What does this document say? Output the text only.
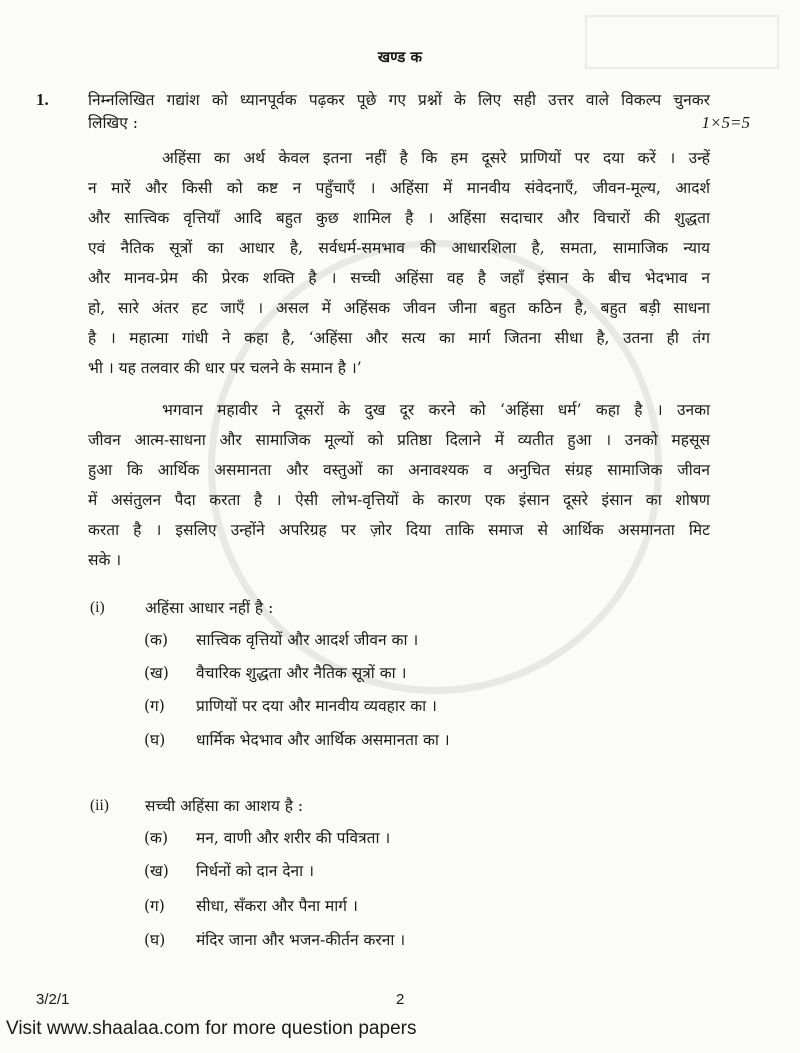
खण्ड क
1.	निम्नलिखित गद्यांश को ध्यानपूर्वक पढ़कर पूछे गए प्रश्नों के लिए सही उत्तर वाले विकल्प चुनकर
लिखिए :	1×5=5
अहिंसा का अर्थ केवल इतना नहीं है कि हम दूसरे प्राणियों पर दया करें । उन्हें
न मारें और किसी को कष्ट न पहुँचाएँ । अहिंसा में मानवीय संवेदनाएँ, जीवन-मूल्य, आदर्श
और सात्त्विक वृत्तियाँ आदि बहुत कुछ शामिल है । अहिंसा सदाचार और विचारों की शुद्धता
एवं नैतिक सूत्रों का आधार है, सर्वधर्म-समभाव की आधारशिला है, समता, सामाजिक न्याय
और मानव-प्रेम की प्रेरक शक्ति है । सच्ची अहिंसा वह है जहाँ इंसान के बीच भेदभाव न
हो, सारे अंतर हट जाएँ । असल में अहिंसक जीवन जीना बहुत कठिन है, बहुत बड़ी साधना
है । महात्मा गांधी ने कहा है, ‘अहिंसा और सत्य का मार्ग जितना सीधा है, उतना ही तंग
भी । यह तलवार की धार पर चलने के समान है ।’
भगवान महावीर ने दूसरों के दुख दूर करने को ‘अहिंसा धर्म’ कहा है । उनका
जीवन आत्म-साधना और सामाजिक मूल्यों को प्रतिष्ठा दिलाने में व्यतीत हुआ । उनको महसूस
हुआ कि आर्थिक असमानता और वस्तुओं का अनावश्यक व अनुचित संग्रह सामाजिक जीवन
में असंतुलन पैदा करता है । ऐसी लोभ-वृत्तियों के कारण एक इंसान दूसरे इंसान का शोषण
करता है । इसलिए उन्होंने अपरिग्रह पर ज़ोर दिया ताकि समाज से आर्थिक असमानता मिट
सके ।
(i)	अहिंसा आधार नहीं है :
(क) सात्त्विक वृत्तियों और आदर्श जीवन का ।
(ख) वैचारिक शुद्धता और नैतिक सूत्रों का ।
(ग) प्राणियों पर दया और मानवीय व्यवहार का ।
(घ) धार्मिक भेदभाव और आर्थिक असमानता का ।
(ii) सच्ची अहिंसा का आशय है :
(क) मन, वाणी और शरीर की पवित्रता ।
(ख) निर्धनों को दान देना ।
(ग) सीधा, सँकरा और पैना मार्ग ।
(घ) मंदिर जाना और भजन-कीर्तन करना ।
3/2/1	2
Visit www.shaalaa.com for more question papers
